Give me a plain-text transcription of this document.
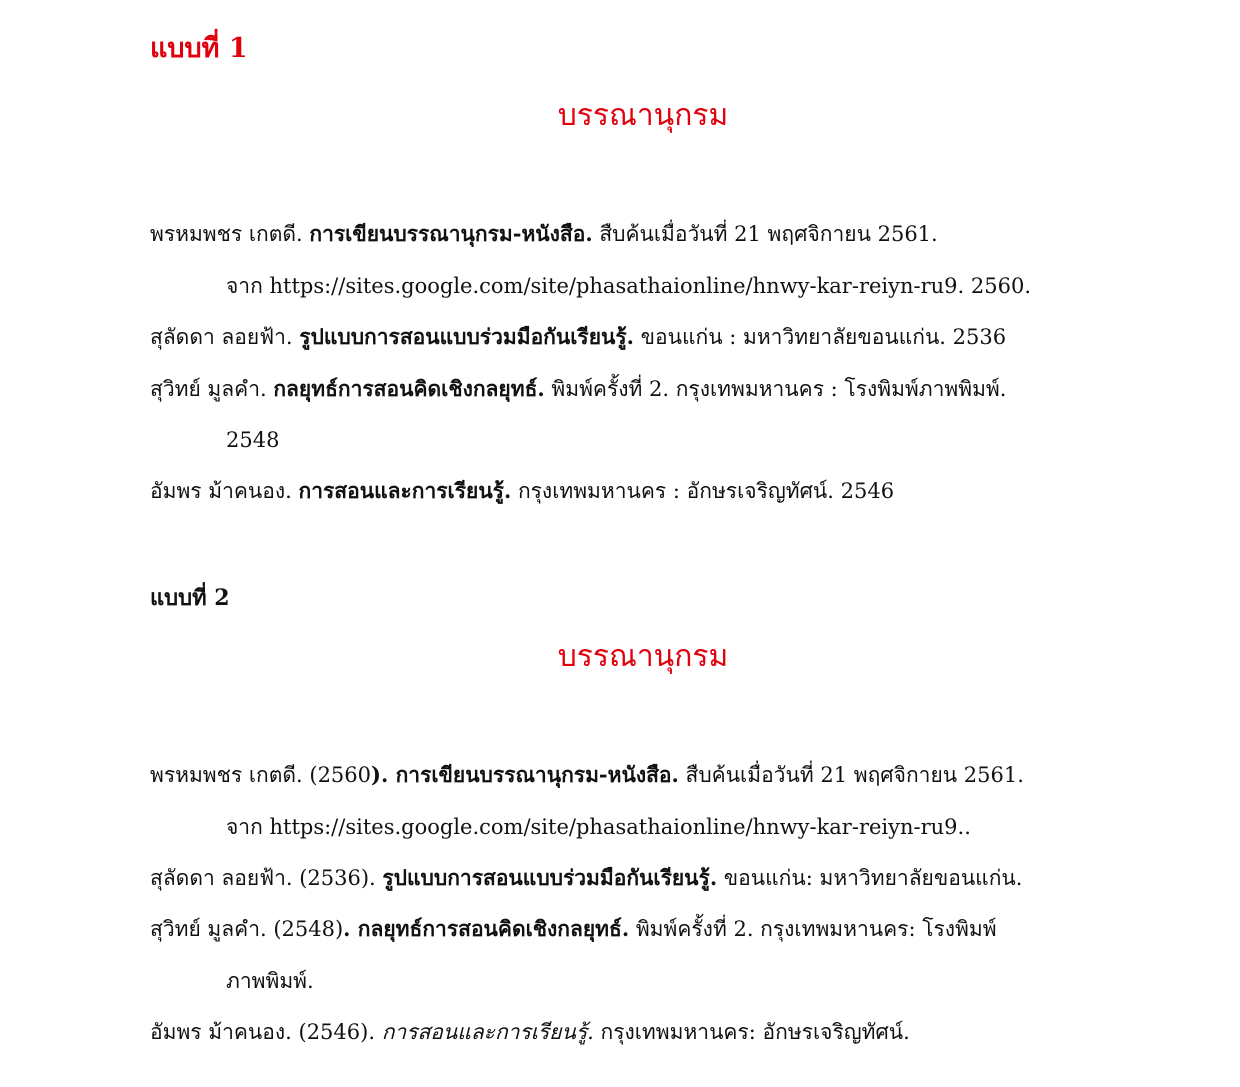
แบบที่ 1
บรรณานุกรม
พรหมพชร เกตดี. การเขียนบรรณานุกรม-หนังสือ. สืบค้นเมื่อวันที่ 21 พฤศจิกายน 2561.
จาก https://sites.google.com/site/phasathaionline/hnwy-kar-reiyn-ru9. 2560.
สุลัดดา ลอยฟ้า. รูปแบบการสอนแบบร่วมมือกันเรียนรู้. ขอนแก่น : มหาวิทยาลัยขอนแก่น. 2536
สุวิทย์ มูลคำ. กลยุทธ์การสอนคิดเชิงกลยุทธ์. พิมพ์ครั้งที่ 2. กรุงเทพมหานคร : โรงพิมพ์ภาพพิมพ์.
2548
อัมพร ม้าคนอง. การสอนและการเรียนรู้. กรุงเทพมหานคร : อักษรเจริญทัศน์. 2546
แบบที่ 2
บรรณานุกรม
พรหมพชร เกตดี. (2560). การเขียนบรรณานุกรม-หนังสือ. สืบค้นเมื่อวันที่ 21 พฤศจิกายน 2561.
จาก https://sites.google.com/site/phasathaionline/hnwy-kar-reiyn-ru9..
สุลัดดา ลอยฟ้า. (2536). รูปแบบการสอนแบบร่วมมือกันเรียนรู้. ขอนแก่น: มหาวิทยาลัยขอนแก่น.
สุวิทย์ มูลคำ. (2548). กลยุทธ์การสอนคิดเชิงกลยุทธ์. พิมพ์ครั้งที่ 2. กรุงเทพมหานคร: โรงพิมพ์
ภาพพิมพ์.
อัมพร ม้าคนอง. (2546). การสอนและการเรียนรู้. กรุงเทพมหานคร: อักษรเจริญทัศน์.
